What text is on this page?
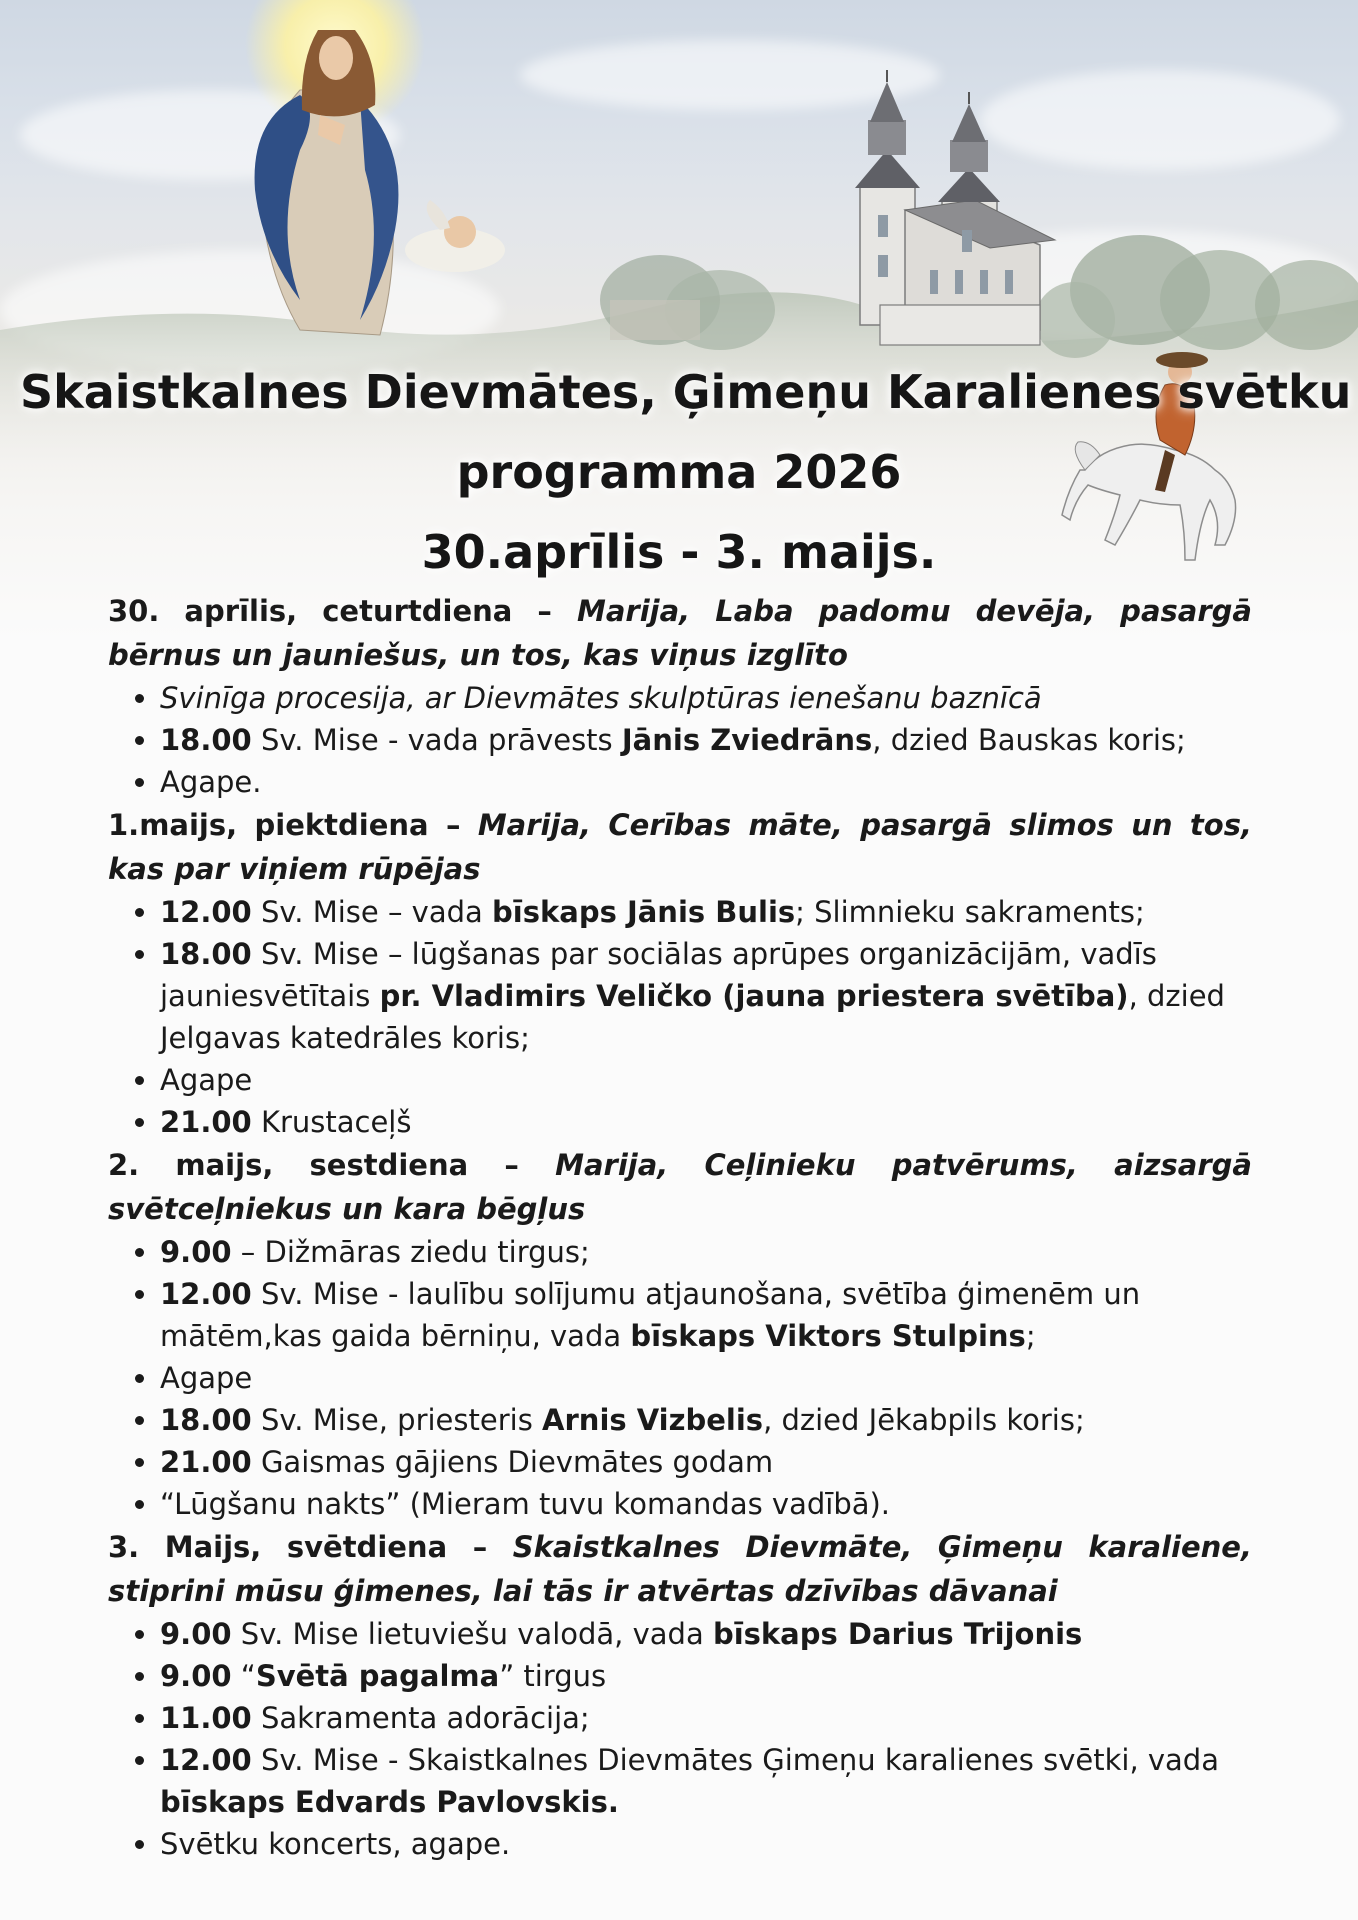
Skaistkalnes Dievmātes, Ģimeņu Karalienes svētku
programma 2026
30.aprīlis - 3. maijs.
30. aprīlis, ceturtdiena – Marija, Laba padomu devēja, pasargā bērnus un jauniešus, un tos, kas viņus izglīto
• Svinīga procesija, ar Dievmātes skulptūras ienešanu baznīcā
• 18.00 Sv. Mise - vada prāvests Jānis Zviedrāns, dzied Bauskas koris;
• Agape.
1.maijs, piektdiena – Marija, Cerības māte, pasargā slimos un tos, kas par viņiem rūpējas
• 12.00 Sv. Mise – vada bīskaps Jānis Bulis; Slimnieku sakraments;
• 18.00 Sv. Mise – lūgšanas par sociālas aprūpes organizācijām, vadīs jauniesvētītais pr. Vladimirs Veličko (jauna priestera svētība), dzied Jelgavas katedrāles koris;
• Agape
• 21.00 Krustaceļš
2. maijs, sestdiena – Marija, Ceļinieku patvērums, aizsargā svētceļniekus un kara bēgļus
• 9.00 – Dižmāras ziedu tirgus;
• 12.00 Sv. Mise - laulību solījumu atjaunošana, svētība ģimenēm un mātēm,kas gaida bērniņu, vada bīskaps Viktors Stulpins;
• Agape
• 18.00 Sv. Mise, priesteris Arnis Vizbelis, dzied Jēkabpils koris;
• 21.00 Gaismas gājiens Dievmātes godam
• “Lūgšanu nakts” (Mieram tuvu komandas vadībā).
3. Maijs, svētdiena – Skaistkalnes Dievmāte, Ģimeņu karaliene, stiprini mūsu ģimenes, lai tās ir atvērtas dzīvības dāvanai
• 9.00 Sv. Mise lietuviešu valodā, vada bīskaps Darius Trijonis
• 9.00 “Svētā pagalma” tirgus
• 11.00 Sakramenta adorācija;
• 12.00 Sv. Mise - Skaistkalnes Dievmātes Ģimeņu karalienes svētki, vada bīskaps Edvards Pavlovskis.
• Svētku koncerts, agape.
